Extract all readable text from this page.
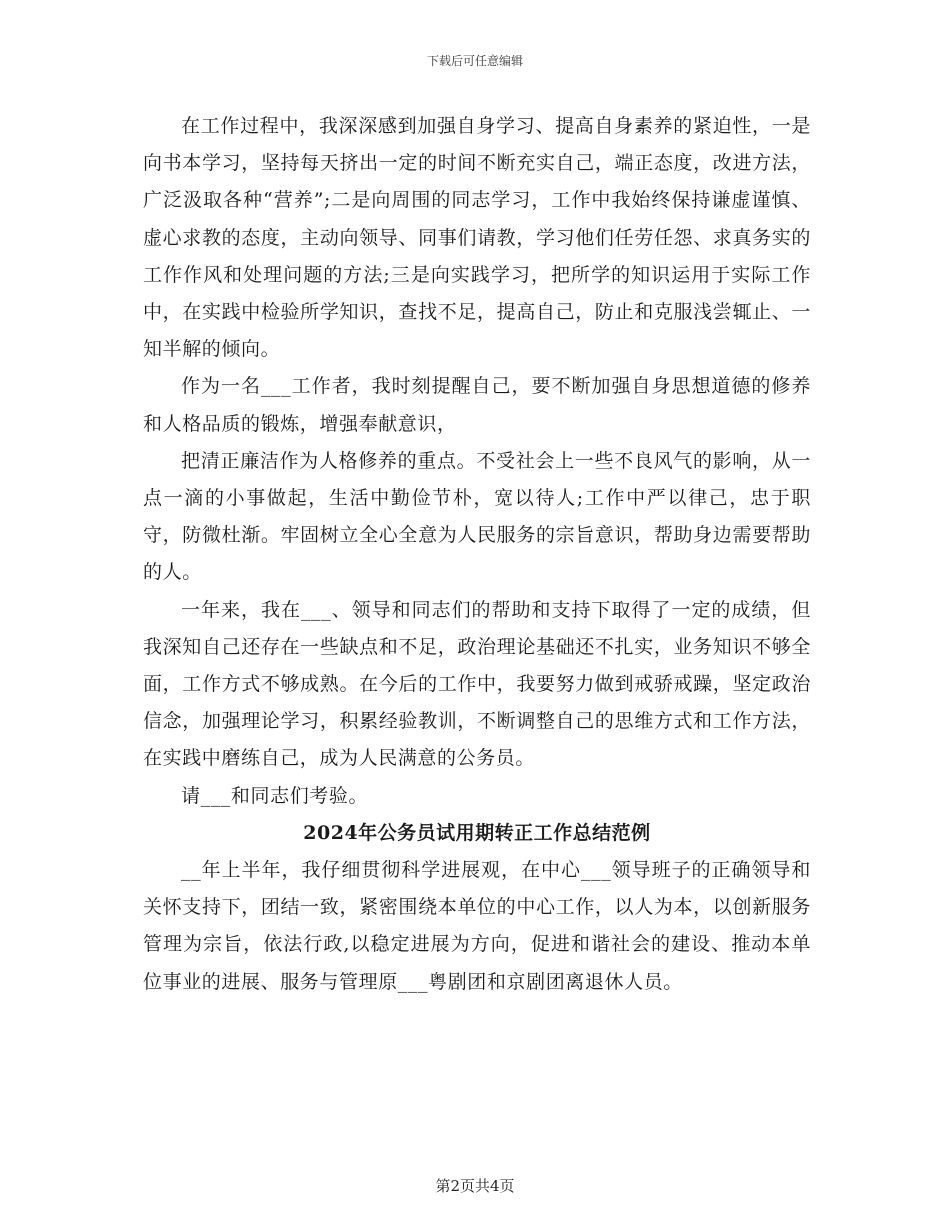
下载后可任意编辑

在工作过程中，我深深感到加强自身学习、提高自身素养的紧迫性，一是向书本学习，坚持每天挤出一定的时间不断充实自己，端正态度，改进方法，广泛汲取各种“营养”;二是向周围的同志学习，工作中我始终保持谦虚谨慎、虚心求教的态度，主动向领导、同事们请教，学习他们任劳任怨、求真务实的工作作风和处理问题的方法;三是向实践学习，把所学的知识运用于实际工作中，在实践中检验所学知识，查找不足，提高自己，防止和克服浅尝辄止、一知半解的倾向。

作为一名___工作者，我时刻提醒自己，要不断加强自身思想道德的修养和人格品质的锻炼，增强奉献意识，

把清正廉洁作为人格修养的重点。不受社会上一些不良风气的影响，从一点一滴的小事做起，生活中勤俭节朴，宽以待人;工作中严以律己，忠于职守，防微杜渐。牢固树立全心全意为人民服务的宗旨意识，帮助身边需要帮助的人。

一年来，我在___、领导和同志们的帮助和支持下取得了一定的成绩，但我深知自己还存在一些缺点和不足，政治理论基础还不扎实，业务知识不够全面，工作方式不够成熟。在今后的工作中，我要努力做到戒骄戒躁，坚定政治信念，加强理论学习，积累经验教训，不断调整自己的思维方式和工作方法，在实践中磨练自己，成为人民满意的公务员。

请___和同志们考验。

2024年公务员试用期转正工作总结范例

__年上半年，我仔细贯彻科学进展观，在中心___领导班子的正确领导和关怀支持下，团结一致，紧密围绕本单位的中心工作，以人为本，以创新服务管理为宗旨，依法行政,以稳定进展为方向，促进和谐社会的建设、推动本单位事业的进展、服务与管理原___粤剧团和京剧团离退休人员。

第2页共4页
